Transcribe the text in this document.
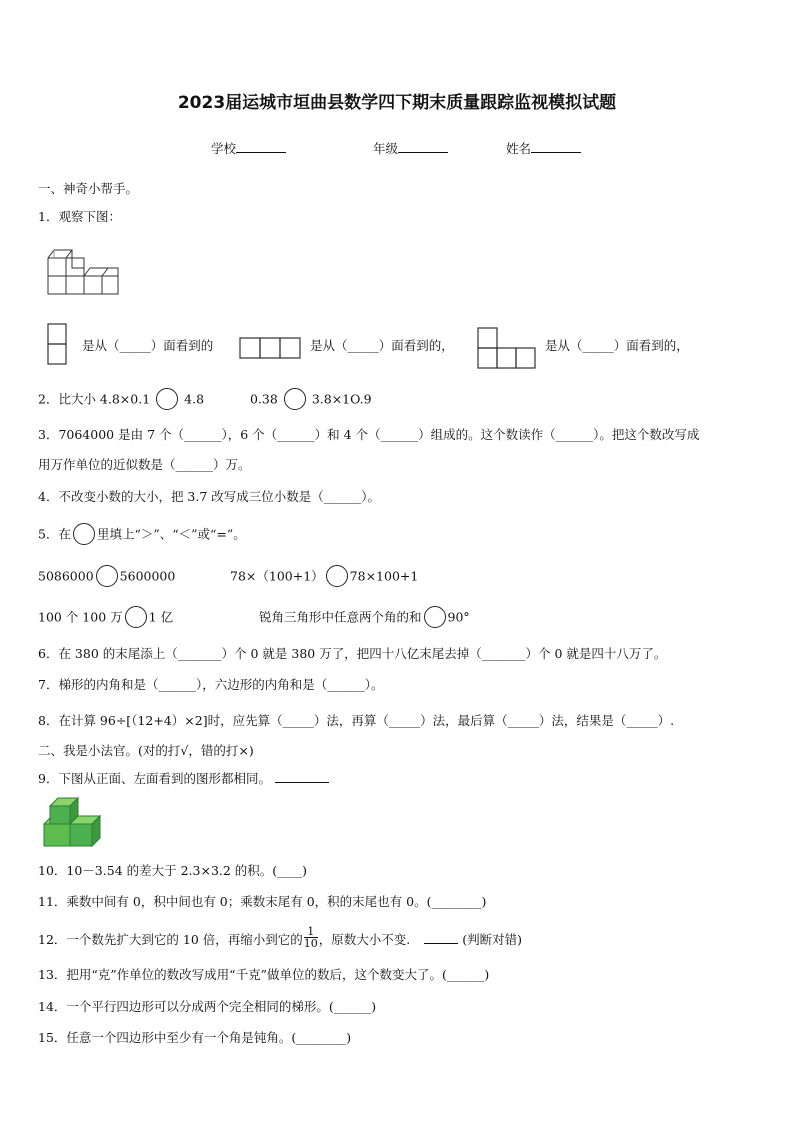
2023届运城市垣曲县数学四下期末质量跟踪监视模拟试题
学校	年级	姓名
一、神奇小帮手。
1．观察下图：
是从（_____）面看到的	是从（_____）面看到的，	是从（_____）面看到的，
2．比大小 4.8×0.1	4.8	0.38	3.8×1O.9
3．7064000 是由 7 个（______），6 个（______）和 4 个（______）组成的。这个数读作（______）。把这个数改写成
用万作单位的近似数是（______）万。
4．不改变小数的大小，把 3.7 改写成三位小数是（______）。
5．在 里填上“＞”、“＜”或“=”。
5086000 5600000	78×（100+1） 78×100+1
100 个 100 万 1 亿	锐角三角形中任意两个角的和 90°
6．在 380 的末尾添上（_______）个 0 就是 380 万了，把四十八亿末尾去掉（_______）个 0 就是四十八万了。
7．梯形的内角和是（______），六边形的内角和是（______）。
8．在计算 96÷[（12+4）×2]时，应先算（_____）法，再算（_____）法，最后算（_____）法，结果是（_____）.
二、我是小法官。(对的打√，错的打×)
9．下图从正面、左面看到的图形都相同。
10．10－3.54 的差大于 2.3×3.2 的积。(____)
11．乘数中间有 0，积中间也有 0；乘数末尾有 0，积的末尾也有 0。(________)
12．一个数先扩大到它的 10 倍，再缩小到它的 $\frac{1}{10}$ ，原数大小不变.	(判断对错)
13．把用“克”作单位的数改写成用“千克”做单位的数后，这个数变大了。(______)
14．一个平行四边形可以分成两个完全相同的梯形。(______)
15．任意一个四边形中至少有一个角是钝角。(________)
